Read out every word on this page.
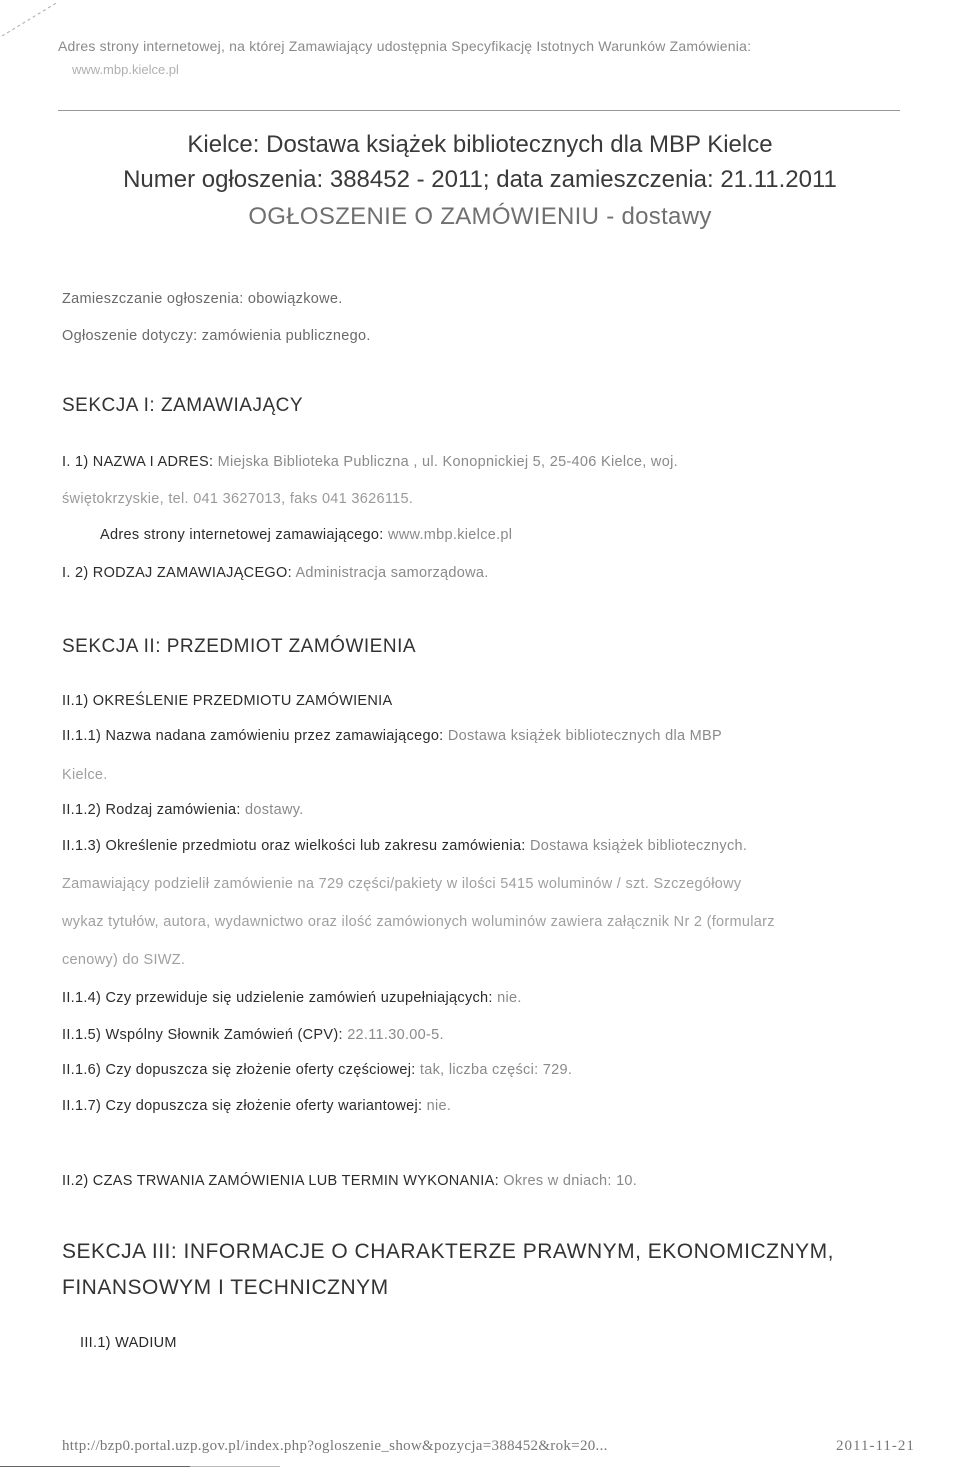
Adres strony internetowej, na której Zamawiający udostępnia Specyfikację Istotnych Warunków Zamówienia:
www.mbp.kielce.pl
Kielce: Dostawa książek bibliotecznych dla MBP Kielce
Numer ogłoszenia: 388452 - 2011; data zamieszczenia: 21.11.2011
OGŁOSZENIE O ZAMÓWIENIU - dostawy
Zamieszczanie ogłoszenia: obowiązkowe.
Ogłoszenie dotyczy: zamówienia publicznego.
SEKCJA I: ZAMAWIAJĄCY
I. 1) NAZWA I ADRES: Miejska Biblioteka Publiczna , ul. Konopnickiej 5, 25-406 Kielce, woj.
świętokrzyskie, tel. 041 3627013, faks 041 3626115.
Adres strony internetowej zamawiającego: www.mbp.kielce.pl
I. 2) RODZAJ ZAMAWIAJĄCEGO: Administracja samorządowa.
SEKCJA II: PRZEDMIOT ZAMÓWIENIA
II.1) OKREŚLENIE PRZEDMIOTU ZAMÓWIENIA
II.1.1) Nazwa nadana zamówieniu przez zamawiającego: Dostawa książek bibliotecznych dla MBP
Kielce.
II.1.2) Rodzaj zamówienia: dostawy.
II.1.3) Określenie przedmiotu oraz wielkości lub zakresu zamówienia: Dostawa książek bibliotecznych.
Zamawiający podzielił zamówienie na 729 części/pakiety w ilości 5415 woluminów / szt. Szczegółowy
wykaz tytułów, autora, wydawnictwo oraz ilość zamówionych woluminów zawiera załącznik Nr 2 (formularz
cenowy) do SIWZ.
II.1.4) Czy przewiduje się udzielenie zamówień uzupełniających: nie.
II.1.5) Wspólny Słownik Zamówień (CPV): 22.11.30.00-5.
II.1.6) Czy dopuszcza się złożenie oferty częściowej: tak, liczba części: 729.
II.1.7) Czy dopuszcza się złożenie oferty wariantowej: nie.
II.2) CZAS TRWANIA ZAMÓWIENIA LUB TERMIN WYKONANIA: Okres w dniach: 10.
SEKCJA III: INFORMACJE O CHARAKTERZE PRAWNYM, EKONOMICZNYM,
FINANSOWYM I TECHNICZNYM
III.1) WADIUM
http://bzp0.portal.uzp.gov.pl/index.php?ogloszenie_show&pozycja=388452&rok=20...	2011-11-21
